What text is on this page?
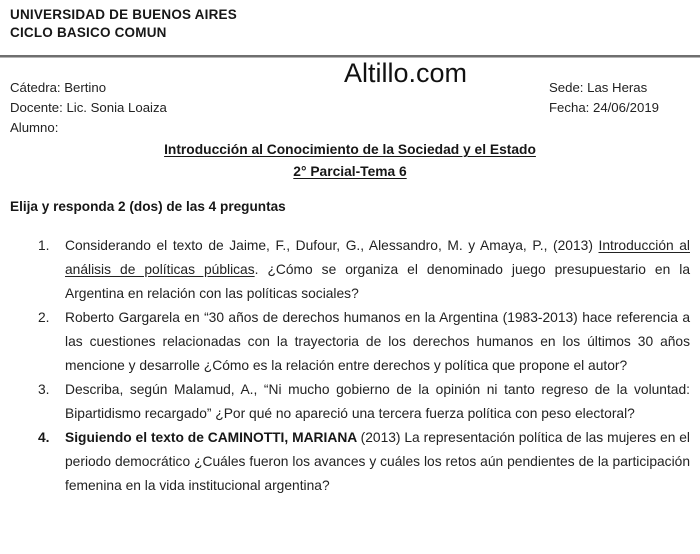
UNIVERSIDAD DE BUENOS AIRES
CICLO BASICO COMUN
Altillo.com
Cátedra: Bertino
Docente: Lic. Sonia Loaiza
Alumno:
Sede: Las Heras
Fecha: 24/06/2019
Introducción al Conocimiento de la Sociedad y el Estado
2° Parcial-Tema 6
Elija y responda 2 (dos) de las 4 preguntas
1. Considerando el texto de Jaime, F., Dufour, G., Alessandro, M. y Amaya, P., (2013) Introducción al análisis de políticas públicas. ¿Cómo se organiza el denominado juego presupuestario en la Argentina en relación con las políticas sociales?
2. Roberto Gargarela en “30 años de derechos humanos en la Argentina (1983-2013) hace referencia a las cuestiones relacionadas con la trayectoria de los derechos humanos en los últimos 30 años mencione y desarrolle ¿Cómo es la relación entre derechos y política que propone el autor?
3. Describa, según Malamud, A., “Ni mucho gobierno de la opinión ni tanto regreso de la voluntad: Bipartidismo recargado” ¿Por qué no apareció una tercera fuerza política con peso electoral?
4. Siguiendo el texto de CAMINOTTI, MARIANA (2013) La representación política de las mujeres en el periodo democrático ¿Cuáles fueron los avances y cuáles los retos aún pendientes de la participación femenina en la vida institucional argentina?
